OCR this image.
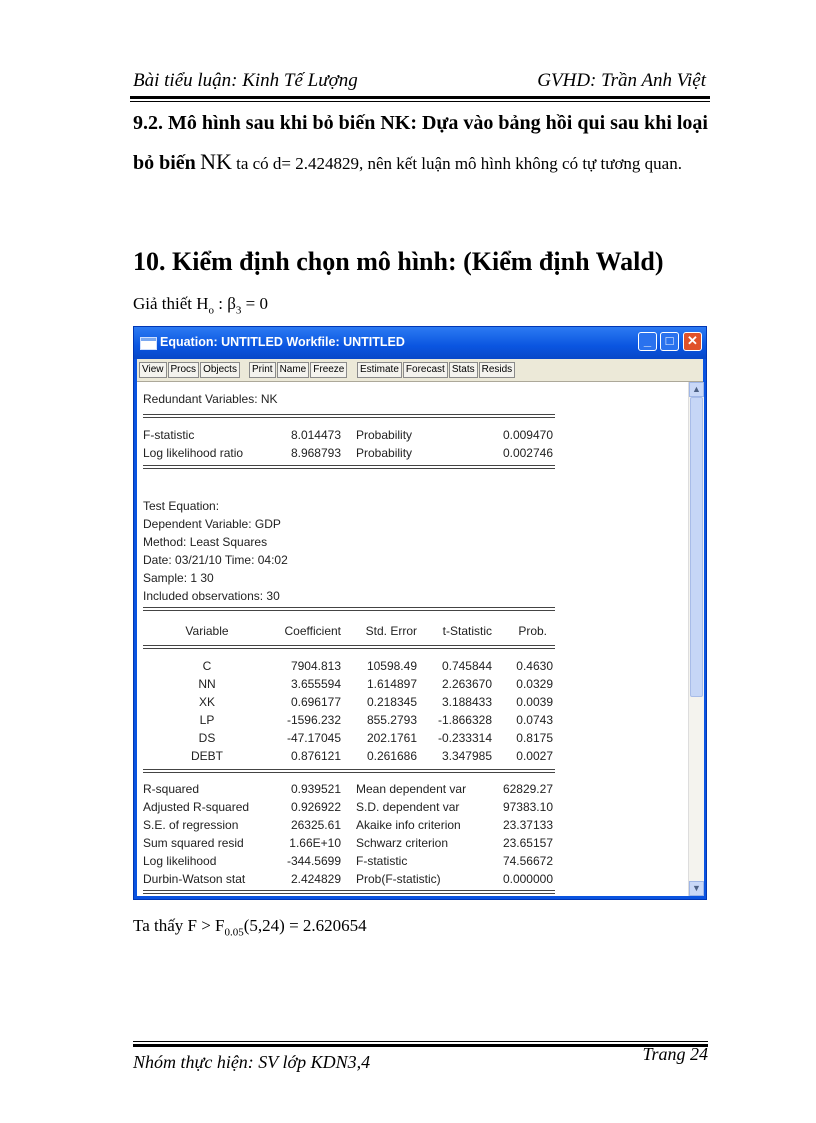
Bài tiểu luận: Kinh Tế Lượng	GVHD: Trần Anh Việt
9.2. Mô hình sau khi bỏ biến NK: Dựa vào bảng hồi qui sau khi loại bỏ biến NK ta có d= 2.424829, nên kết luận mô hình không có tự tương quan.
10. Kiểm định chọn mô hình: (Kiểm định Wald)
Giả thiết $H_o$ : $\beta_3 = 0$
Equation: UNTITLED Workfile: UNTITLED	_	□	✕
View Procs Objects	Print Name Freeze	Estimate Forecast Stats Resids
Redundant Variables: NK
F-statistic	8.014473 Probability	0.009470
Log likelihood ratio	8.968793 Probability	0.002746
Test Equation:
Dependent Variable: GDP
Method: Least Squares
Date: 03/21/10 Time: 04:02
Sample: 1 30
Included observations: 30
Variable	Coefficient	Std. Error	t-Statistic	Prob.
C	7904.813	10598.49	0.745844	0.4630
NN	3.655594	1.614897	2.263670	0.0329
XK	0.696177	0.218345	3.188433	0.0039
LP	-1596.232	855.2793	-1.866328	0.0743
DS	-47.17045	202.1761	-0.233314	0.8175
DEBT	0.876121	0.261686	3.347985	0.0027
R-squared	0.939521 Mean dependent var	62829.27
Adjusted R-squared	0.926922 S.D. dependent var	97383.10
S.E. of regression	26325.61 Akaike info criterion	23.37133
Sum squared resid	1.66E+10 Schwarz criterion	23.65157
Log likelihood	-344.5699 F-statistic	74.56672
Durbin-Watson stat	2.424829 Prob(F-statistic)	0.000000
▲
▼
Ta thấy $F > F_{0.05}(5,24) = 2.620654$
Nhóm thực hiện: SV lớp KDN3,4	Trang 24
